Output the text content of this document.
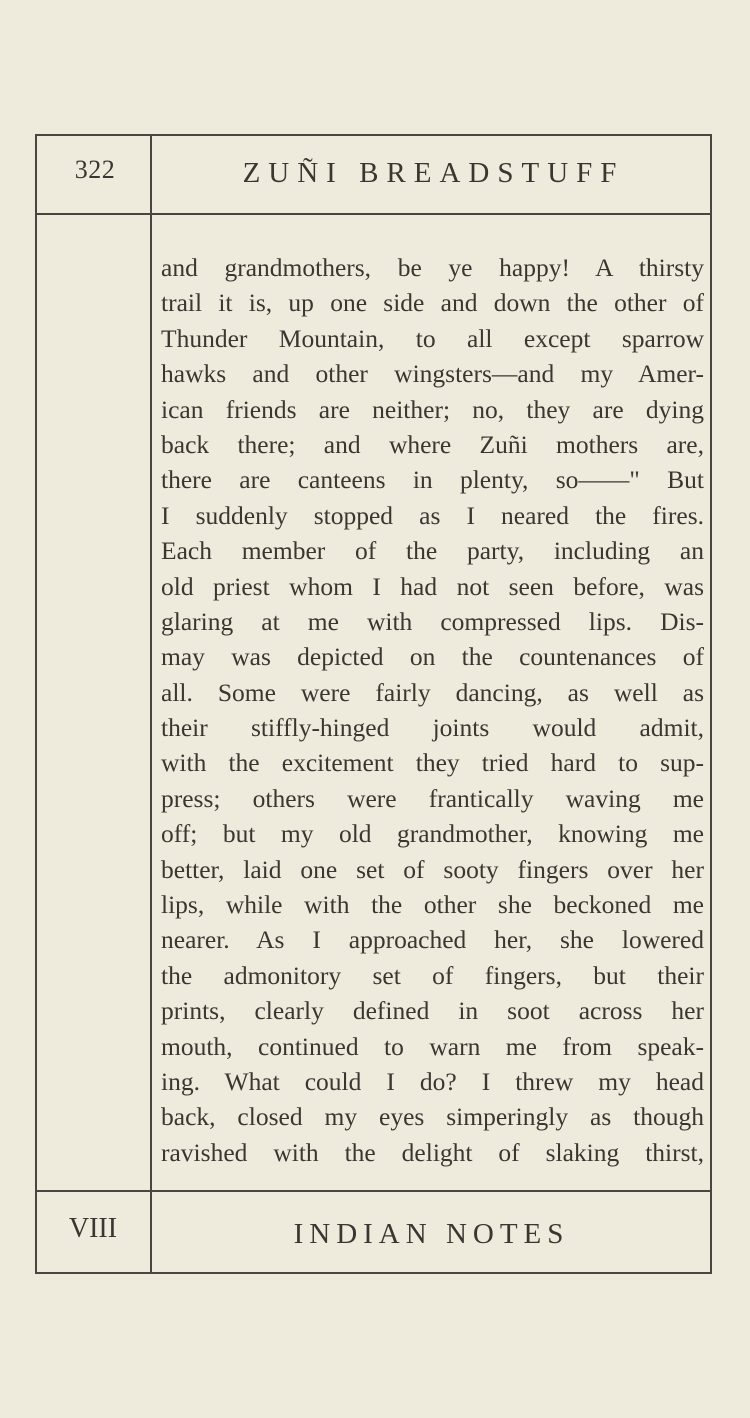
322	ZUÑI BREADSTUFF
and grandmothers, be ye happy! A thirsty
trail it is, up one side and down the other of
Thunder Mountain, to all except sparrow
hawks and other wingsters—and my Amer-
ican friends are neither; no, they are dying
back there; and where Zuñi mothers are,
there are canteens in plenty, so——" But
I suddenly stopped as I neared the fires.
Each member of the party, including an
old priest whom I had not seen before, was
glaring at me with compressed lips. Dis-
may was depicted on the countenances of
all. Some were fairly dancing, as well as
their stiffly-hinged joints would admit,
with the excitement they tried hard to sup-
press; others were frantically waving me
off; but my old grandmother, knowing me
better, laid one set of sooty fingers over her
lips, while with the other she beckoned me
nearer. As I approached her, she lowered
the admonitory set of fingers, but their
prints, clearly defined in soot across her
mouth, continued to warn me from speak-
ing. What could I do? I threw my head
back, closed my eyes simperingly as though
ravished with the delight of slaking thirst,
VIII	INDIAN NOTES
